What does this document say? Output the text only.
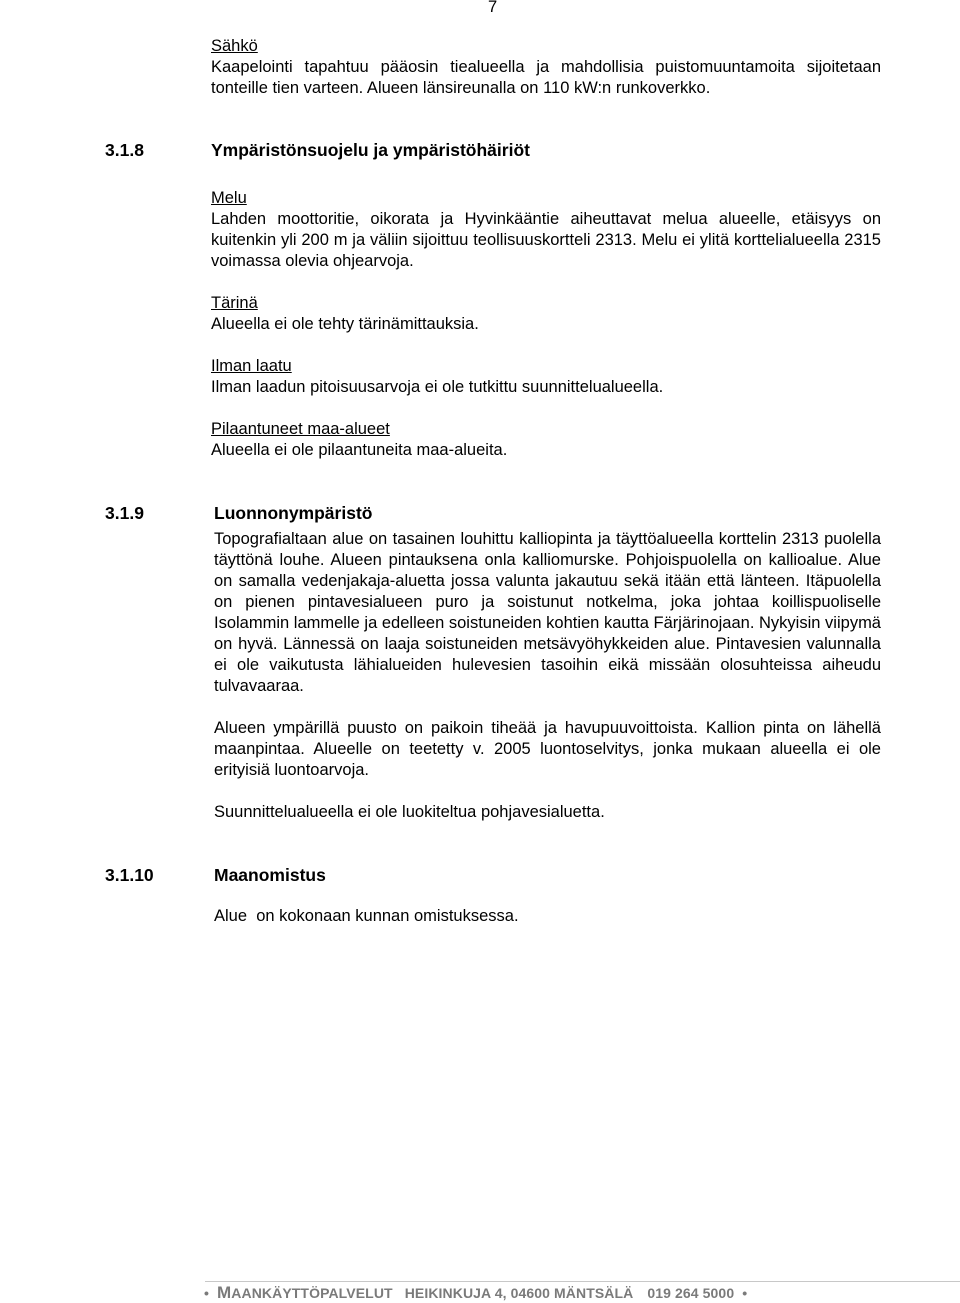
7

Sähkö

Kaapelointi tapahtuu pääosin tiealueella ja mahdollisia puistomuuntamoita sijoitetaan tonteille tien varteen. Alueen länsireunalla on 110 kW:n runkoverkko.

3.1.8	Ympäristönsuojelu ja ympäristöhäiriöt

Melu

Lahden moottoritie, oikorata ja Hyvinkääntie aiheuttavat melua alueelle, etäisyys on kuitenkin yli 200 m ja väliin sijoittuu teollisuuskortteli 2313. Melu ei ylitä korttelialueella 2315 voimassa olevia ohjearvoja.

Tärinä

Alueella ei ole tehty tärinämittauksia.

Ilman laatu

Ilman laadun pitoisuusarvoja ei ole tutkittu suunnittelualueella.

Pilaantuneet maa-alueet

Alueella ei ole pilaantuneita maa-alueita.

3.1.9	Luonnonympäristö

Topografialtaan alue on tasainen louhittu kalliopinta ja täyttöalueella korttelin 2313 puolella täyttönä louhe. Alueen pintauksena onla kalliomurske. Pohjoispuolella on kallioalue. Alue on samalla vedenjakaja-aluetta jossa valunta jakautuu sekä itään että länteen. Itäpuolella on pienen pintavesialueen puro ja soistunut notkelma, joka johtaa koillispuoliselle Isolammin lammelle ja edelleen soistuneiden kohtien kautta Färjärinojaan. Nykyisin viipymä on hyvä. Lännessä on laaja soistuneiden metsävyöhykkeiden alue. Pintavesien valunnalla ei ole vaikutusta lähialueiden hulevesien tasoihin eikä missään olosuhteissa aiheudu tulvavaaraa.

Alueen ympärillä puusto on paikoin tiheää ja havupuuvoittoista. Kallion pinta on lähellä maanpintaa. Alueelle on teetetty v. 2005 luontoselvitys, jonka mukaan alueella ei ole erityisiä luontoarvoja.

Suunnittelualueella ei ole luokiteltua pohjavesialuetta.

3.1.10	Maanomistus
Alue  on kokonaan kunnan omistuksessa.
• MAANKÄYTTÖPALVELUT HEIKINKUJA 4, 04600 MÄNTSÄLÄ 019 264 5000 •
